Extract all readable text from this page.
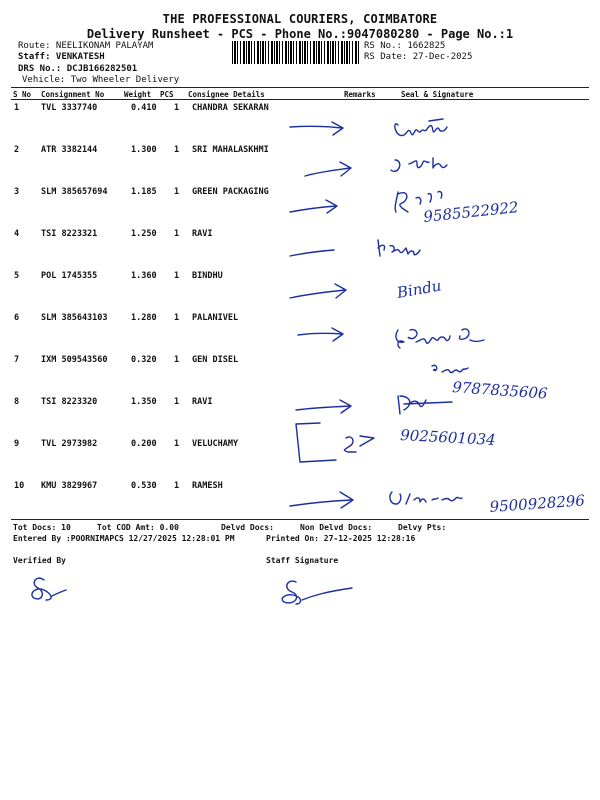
THE PROFESSIONAL COURIERS, COIMBATORE
Delivery Runsheet - PCS - Phone No.:9047080280 - Page No.:1
Route: NEELIKONAM PALAYAM
Staff: VENKATESH
DRS No.: DCJB166282501
Vehicle: Two Wheeler Delivery
RS No.: 1662825
RS Date: 27-Dec-2025
S No Consignment No	Weight PCS Consignee Details	Remarks	Seal & Signature
1	TVL 3337740	0.410 1 CHANDRA SEKARAN
2	ATR 3382144	1.300 1 SRI MAHALASKHMI
3	SLM 385657694	1.185 1 GREEN PACKAGING
4	TSI 8223321	1.250 1 RAVI
5	POL 1745355	1.360 1 BINDHU
6	SLM 385643103	1.280 1 PALANIVEL
7	IXM 509543560	0.320 1 GEN DISEL
8	TSI 8223320	1.350 1 RAVI
9	TVL 2973982	0.200 1 VELUCHAMY
10 KMU 3829967	0.530 1 RAMESH
Tot Docs: 10	Tot COD Amt: 0.00	Delvd Docs:	Non Delvd Docs:	Delvy Pts:
Entered By :POORNIMAPCS 12/27/2025 12:28:01 PM	Printed On: 27-12-2025 12:28:16
Verified By	Staff Signature
9585522922
Bindu
9787835606
9025601034
9500928296
